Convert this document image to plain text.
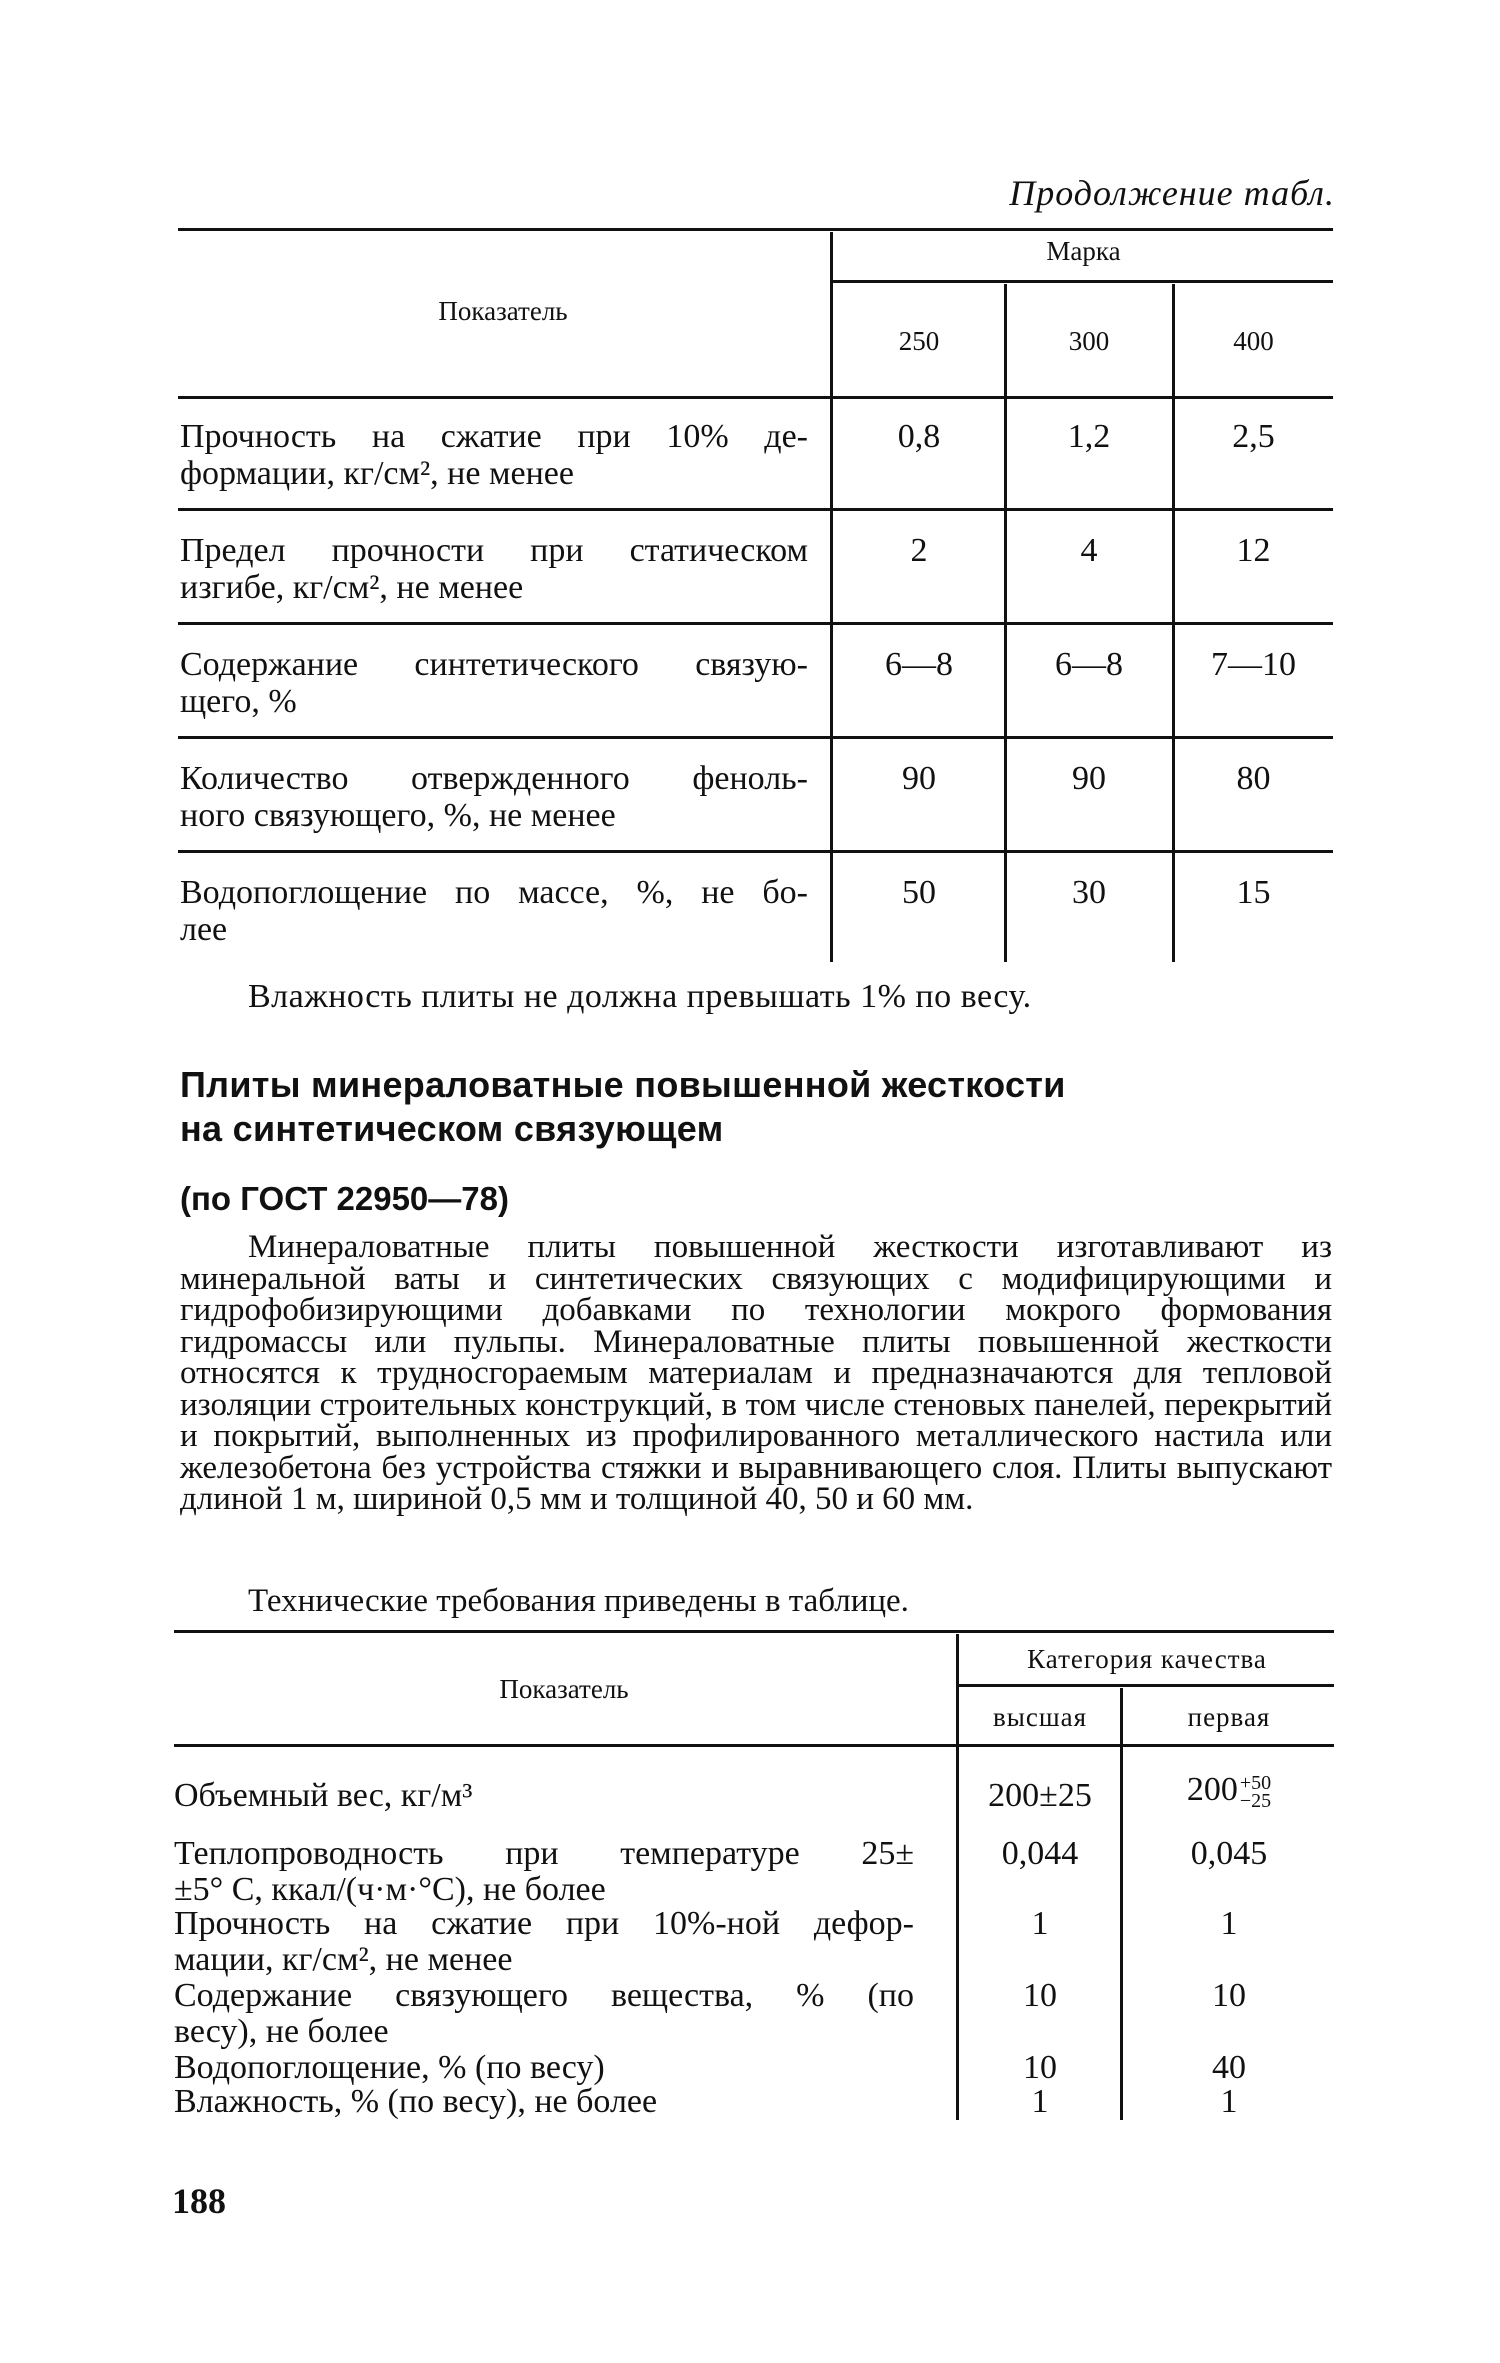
Продолжение табл.
Показатель
Марка
250	300	400
Прочность на сжатие при 10% де-
формации, кг/см², не менее
0,8	1,2	2,5
Предел прочности при статическом
изгибе, кг/см², не менее
2	4	12
Содержание синтетического связую-
щего, %
6—8	6—8	7—10
Количество отвержденного феноль-
ного связующего, %, не менее
90	90	80
Водопоглощение по массе, %, не бо-
лее
50	30	15
Влажность плиты не должна превышать 1% по весу.
Плиты минераловатные повышенной жесткости
на синтетическом связующем
(по ГОСТ 22950—78)

Минераловатные плиты повышенной жесткости изготавливают из минеральной ваты и синтетических связующих с модифицирующими и гидрофобизирующими добавками по технологии мокрого формования гидромассы или пульпы. Минераловатные плиты повышенной жесткости относятся к трудносгораемым материалам и предназначаются для тепловой изоляции строительных конструкций, в том числе стеновых панелей, перекрытий и покрытий, выполненных из профилированного металлического настила или железобетона без устройства стяжки и выравнивающего слоя. Плиты выпускают длиной 1 м, шириной 0,5 мм и толщиной 40, 50 и 60 мм.

Технические требования приведены в таблице.
Показатель
Категория качества
высшая	первая
Объемный вес, кг/м³	200±25	200 +50
−25
Теплопроводность при температуре 25±
±5° С, ккал/(ч·м·°С), не более
0,044	0,045
Прочность на сжатие при 10%-ной дефор-
мации, кг/см², не менее
1	1
Содержание связующего вещества, % (по
весу), не более
10	10
Водопоглощение, % (по весу)	10	40
Влажность, % (по весу), не более	1	1
188
